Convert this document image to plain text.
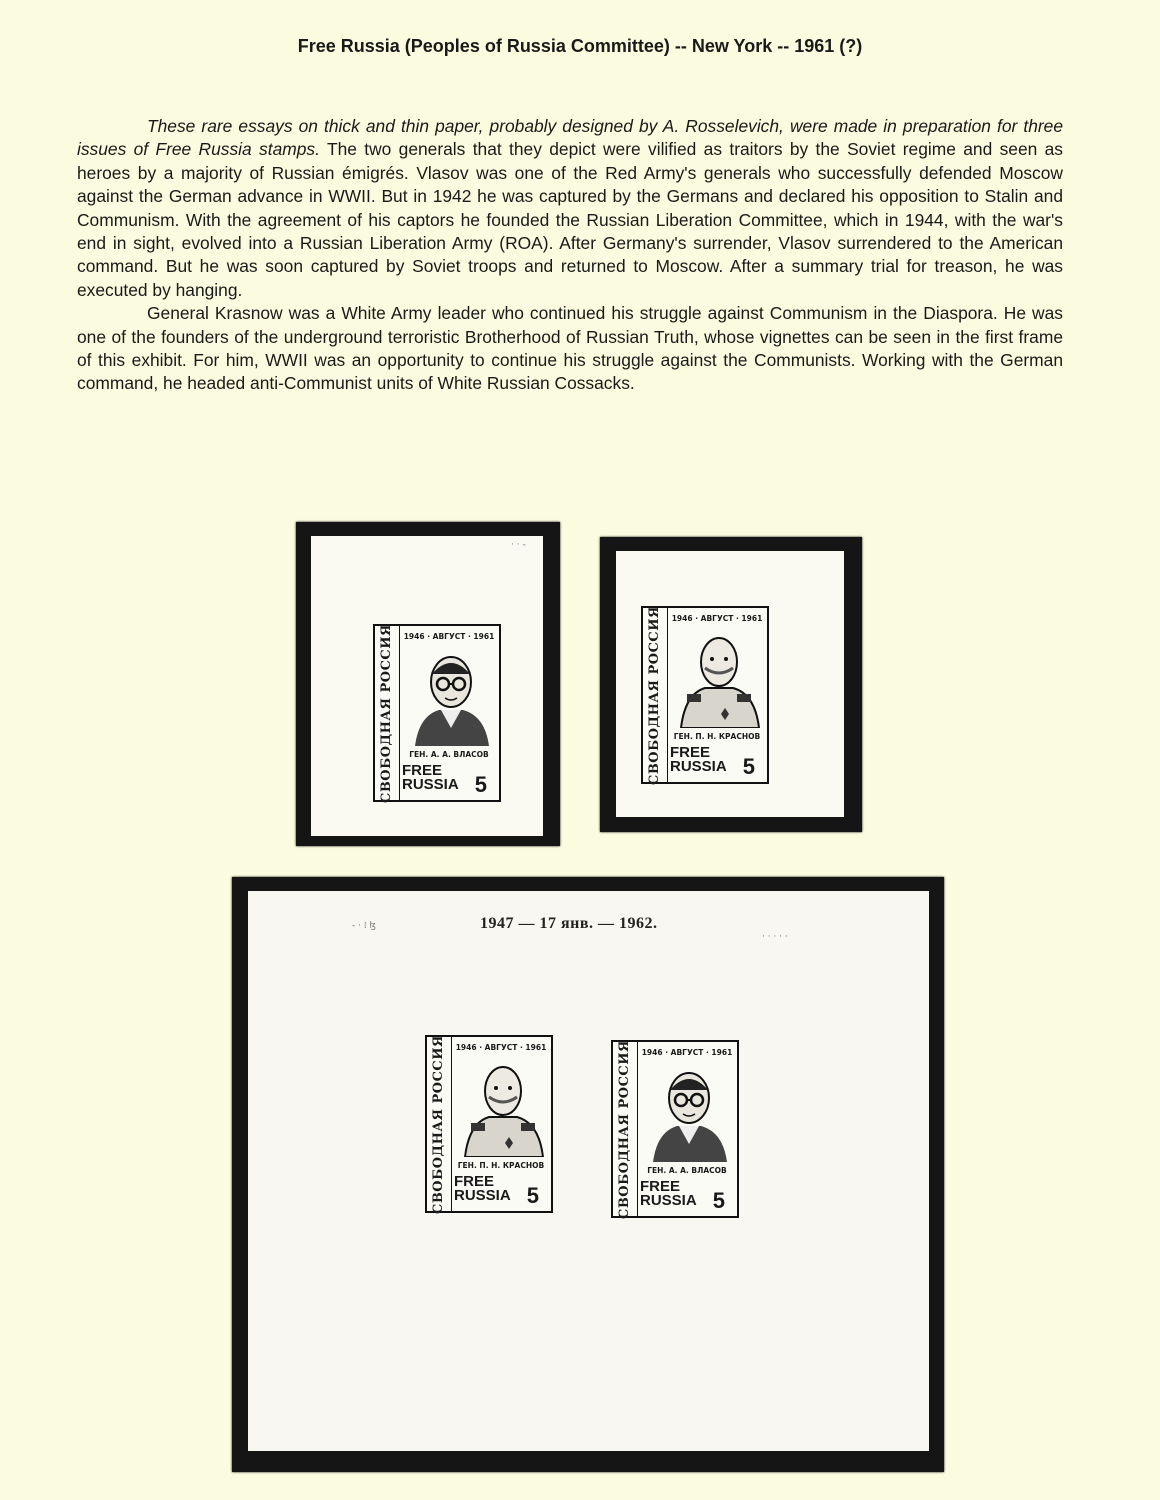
Free Russia (Peoples of Russia Committee) -- New York -- 1961 (?)

These rare essays on thick and thin paper, probably designed by A. Rosselevich, were made in preparation for three issues of Free Russia stamps. The two generals that they depict were vilified as traitors by the Soviet regime and seen as heroes by a majority of Russian émigrés. Vlasov was one of the Red Army's generals who successfully defended Moscow against the German advance in WWII. But in 1942 he was captured by the Germans and declared his opposition to Stalin and Communism. With the agreement of his captors he founded the Russian Liberation Committee, which in 1944, with the war's end in sight, evolved into a Russian Liberation Army (ROA). After Germany's surrender, Vlasov surrendered to the American command. But he was soon captured by Soviet troops and returned to Moscow. After a summary trial for treason, he was executed by hanging.

General Krasnow was a White Army leader who continued his struggle against Communism in the Diaspora. He was one of the founders of the underground terroristic Brotherhood of Russian Truth, whose vignettes can be seen in the first frame of this exhibit. For him, WWII was an opportunity to continue his struggle against the Communists. Working with the German command, he headed anti-Communist units of White Russian Cossacks.

· · -
- · ⁞ ɮ
· · · · ·
1947 — 17 янв. — 1962.
СВОБОДНАЯ РОССИЯ	1946 · АВГУСТ · 1961
ГЕН. А. А. ВЛАСОВ
FREE
RUSSIA 5	СВОБОДНАЯ РОССИЯ	1946 · АВГУСТ · 1961
ГЕН. П. Н. КРАСНОВ
FREE
RUSSIA 5
СВОБОДНАЯ РОССИЯ	1946 · АВГУСТ · 1961
ГЕН. П. Н. КРАСНОВ
FREE
RUSSIA 5	СВОБОДНАЯ РОССИЯ	1946 · АВГУСТ · 1961
ГЕН. А. А. ВЛАСОВ
FREE
RUSSIA 5
